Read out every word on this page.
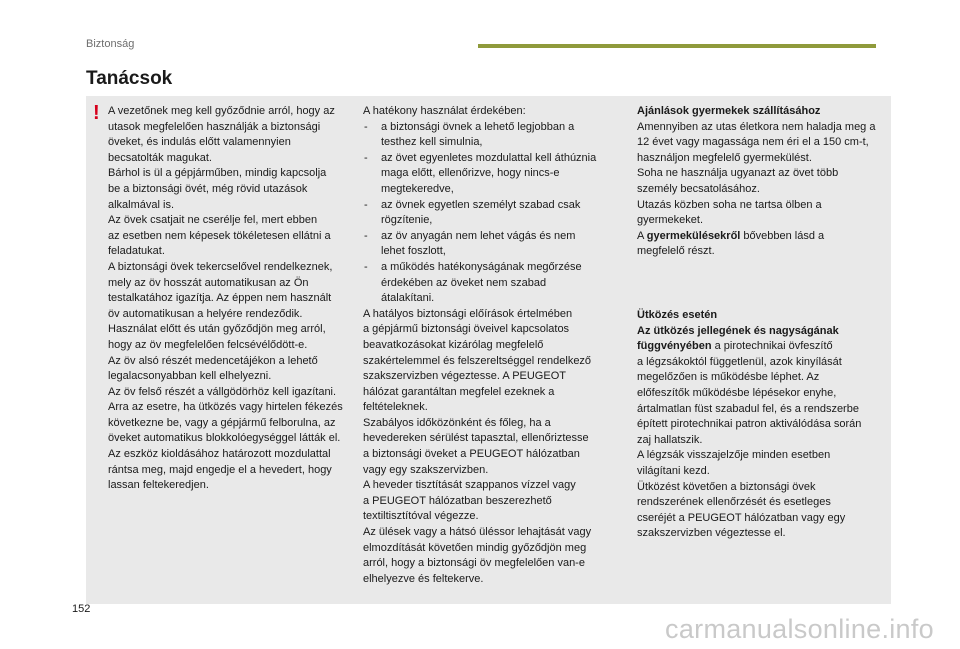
Biztonság
Tanácsok
! A vezetőnek meg kell győződnie arról, hogy az

utasok megfelelően használják a biztonsági

öveket, és indulás előtt valamennyien

becsatolták magukat.

Bárhol is ül a gépjárműben, mindig kapcsolja

be a biztonsági övét, még rövid utazások

alkalmával is.

Az övek csatjait ne cserélje fel, mert ebben

az esetben nem képesek tökéletesen ellátni a

feladatukat.

A biztonsági övek tekercselővel rendelkeznek,

mely az öv hosszát automatikusan az Ön

testalkatához igazítja. Az éppen nem használt

öv automatikusan a helyére rendeződik.

Használat előtt és után győződjön meg arról,

hogy az öv megfelelően felcsévélődött-e.

Az öv alsó részét medencetájékon a lehető

legalacsonyabban kell elhelyezni.

Az öv felső részét a vállgödörhöz kell igazítani.

Arra az esetre, ha ütközés vagy hirtelen fékezés

következne be, vagy a gépjármű felborulna, az

öveket automatikus blokkolóegységgel látták el.

Az eszköz kioldásához határozott mozdulattal

rántsa meg, majd engedje el a hevedert, hogy

lassan feltekeredjen.

A hatékony használat érdekében:

- a biztonsági övnek a lehető legjobban a
testhez kell simulnia,
- az övet egyenletes mozdulattal kell áthúznia
maga előtt, ellenőrizve, hogy nincs-e
megtekeredve,
- az övnek egyetlen személyt szabad csak
rögzítenie,
- az öv anyagán nem lehet vágás és nem
lehet foszlott,
- a működés hatékonyságának megőrzése
érdekében az öveket nem szabad
átalakítani.

A hatályos biztonsági előírások értelmében

a gépjármű biztonsági öveivel kapcsolatos

beavatkozásokat kizárólag megfelelő

szakértelemmel és felszereltséggel rendelkező

szakszervizben végeztesse. A PEUGEOT

hálózat garantáltan megfelel ezeknek a

feltételeknek.

Szabályos időközönként és főleg, ha a

hevedereken sérülést tapasztal, ellenőriztesse

a biztonsági öveket a PEUGEOT hálózatban

vagy egy szakszervizben.

A heveder tisztítását szappanos vízzel vagy

a PEUGEOT hálózatban beszerezhető

textiltisztítóval végezze.

Az ülések vagy a hátsó üléssor lehajtását vagy

elmozdítását követően mindig győződjön meg

arról, hogy a biztonsági öv megfelelően van-e

elhelyezve és feltekerve.

Ajánlások gyermekek szállításához

Amennyiben az utas életkora nem haladja meg a

12 évet vagy magassága nem éri el a 150 cm-t,

használjon megfelelő gyermekülést.

Soha ne használja ugyanazt az övet több

személy becsatolásához.

Utazás közben soha ne tartsa ölben a

gyermekeket.

A gyermekülésekről bővebben lásd a

megfelelő részt.

Ütközés esetén

Az ütközés jellegének és nagyságának

függvényében a pirotechnikai övfeszítő

a légzsákoktól függetlenül, azok kinyílását

megelőzően is működésbe léphet. Az

előfeszítők működésbe lépésekor enyhe,

ártalmatlan füst szabadul fel, és a rendszerbe

épített pirotechnikai patron aktiválódása során

zaj hallatszik.

A légzsák visszajelzője minden esetben

világítani kezd.

Ütközést követően a biztonsági övek

rendszerének ellenőrzését és esetleges

cseréjét a PEUGEOT hálózatban vagy egy

szakszervizben végeztesse el.

152
carmanualsonline.info
